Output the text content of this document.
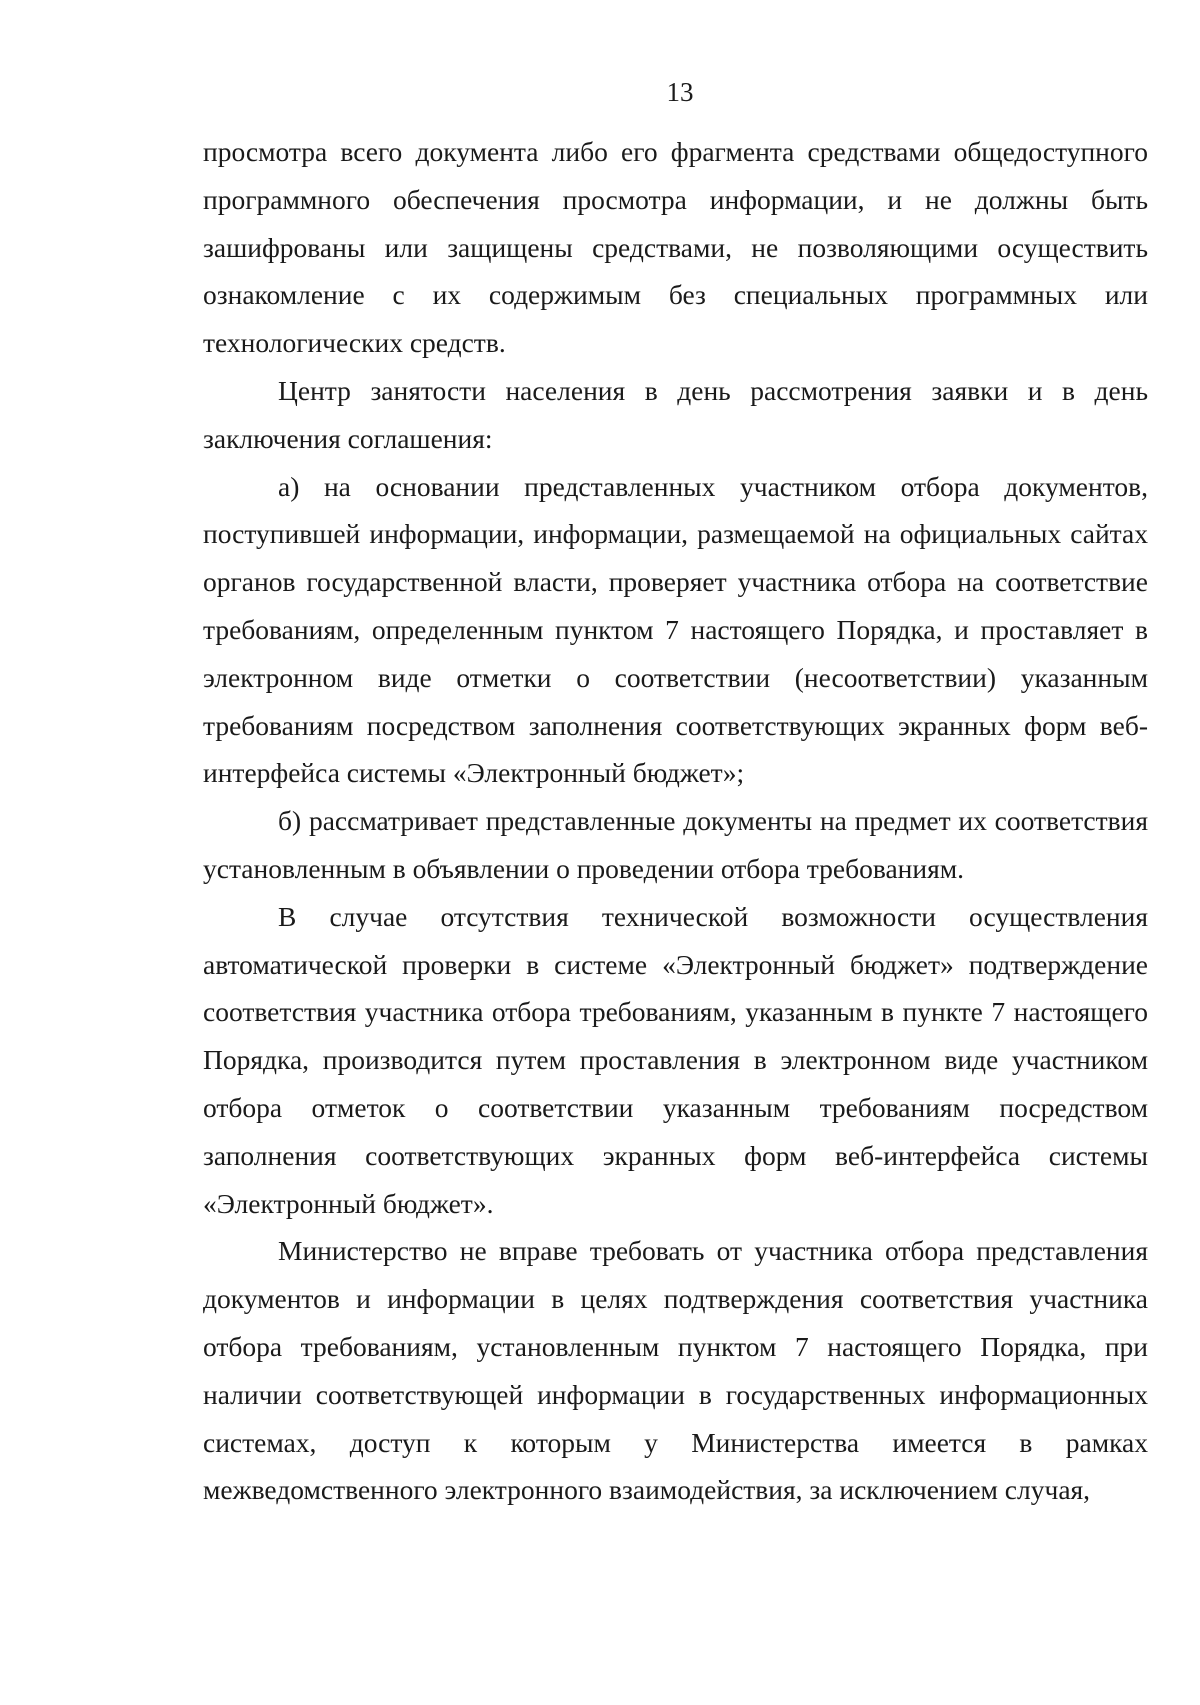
13

просмотра всего документа либо его фрагмента средствами общедоступного программного обеспечения просмотра информации, и не должны быть зашифрованы или защищены средствами, не позволяющими осуществить ознакомление с их содержимым без специальных программных или технологических средств.

Центр занятости населения в день рассмотрения заявки и в день заключения соглашения:

а) на основании представленных участником отбора документов, поступившей информации, информации, размещаемой на официальных сайтах органов государственной власти, проверяет участника отбора на соответствие требованиям, определенным пунктом 7 настоящего Порядка, и проставляет в электронном виде отметки о соответствии (несоответствии) указанным требованиям посредством заполнения соответствующих экранных форм веб-интерфейса системы «Электронный бюджет»;

б) рассматривает представленные документы на предмет их соответствия установленным в объявлении о проведении отбора требованиям.

В случае отсутствия технической возможности осуществления автоматической проверки в системе «Электронный бюджет» подтверждение соответствия участника отбора требованиям, указанным в пункте 7 настоящего Порядка, производится путем проставления в электронном виде участником отбора отметок о соответствии указанным требованиям посредством заполнения соответствующих экранных форм веб-интерфейса системы «Электронный бюджет».

Министерство не вправе требовать от участника отбора представления документов и информации в целях подтверждения соответствия участника отбора требованиям, установленным пунктом 7 настоящего Порядка, при наличии соответствующей информации в государственных информационных системах, доступ к которым у Министерства имеется в рамках межведомственного электронного взаимодействия, за исключением случая,
